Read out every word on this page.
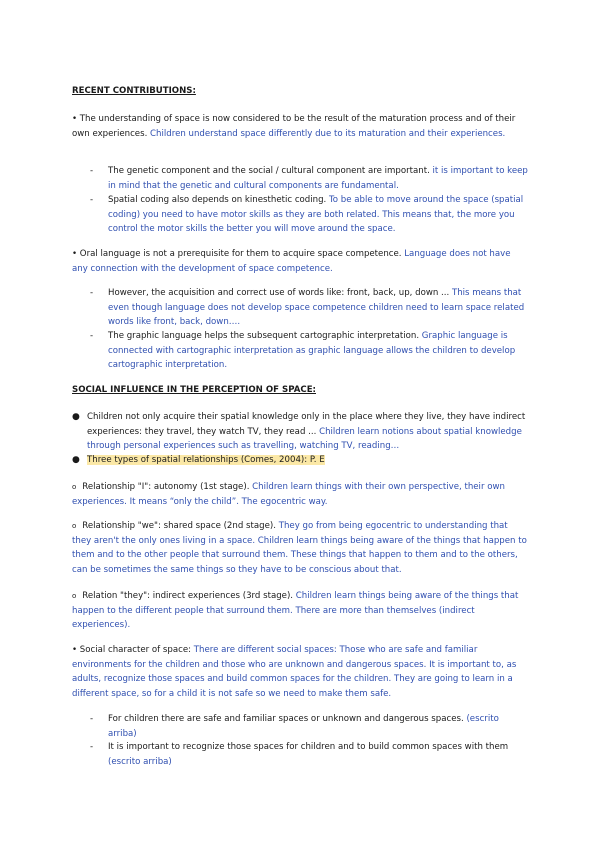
RECENT CONTRIBUTIONS:

• The understanding of space is now considered to be the result of the maturation process and of their own experiences. Children understand space differently due to its maturation and their experiences.

-	The genetic component and the social / cultural component are important. it is important to keep in mind that the genetic and cultural components are fundamental.

-	Spatial coding also depends on kinesthetic coding. To be able to move around the space (spatial coding) you need to have motor skills as they are both related. This means that, the more you control the motor skills the better you will move around the space.

• Oral language is not a prerequisite for them to acquire space competence. Language does not have any connection with the development of space competence.

-	However, the acquisition and correct use of words like: front, back, up, down ... This means that even though language does not develop space competence children need to learn space related words like front, back, down….

-	The graphic language helps the subsequent cartographic interpretation. Graphic language is connected with cartographic interpretation as graphic language allows the children to develop cartographic interpretation.

SOCIAL INFLUENCE IN THE PERCEPTION OF SPACE:

● Children not only acquire their spatial knowledge only in the place where they live, they have indirect experiences: they travel, they watch TV, they read ... Children learn notions about spatial knowledge through personal experiences such as travelling, watching TV, reading…

● Three types of spatial relationships (Comes, 2004): P. E

o Relationship "I": autonomy (1st stage). Children learn things with their own perspective, their own experiences. It means “only the child”. The egocentric way.

o Relationship "we": shared space (2nd stage). They go from being egocentric to understanding that they aren't the only ones living in a space. Children learn things being aware of the things that happen to them and to the other people that surround them. These things that happen to them and to the others, can be sometimes the same things so they have to be conscious about that.

o Relation "they": indirect experiences (3rd stage). Children learn things being aware of the things that happen to the different people that surround them. There are more than themselves (indirect experiences).

• Social character of space: There are different social spaces: Those who are safe and familiar environments for the children and those who are unknown and dangerous spaces. It is important to, as adults, recognize those spaces and build common spaces for the children. They are going to learn in a different space, so for a child it is not safe so we need to make them safe.

-	For children there are safe and familiar spaces or unknown and dangerous spaces. (escrito arriba)

-	It is important to recognize those spaces for children and to build common spaces with them (escrito arriba)
